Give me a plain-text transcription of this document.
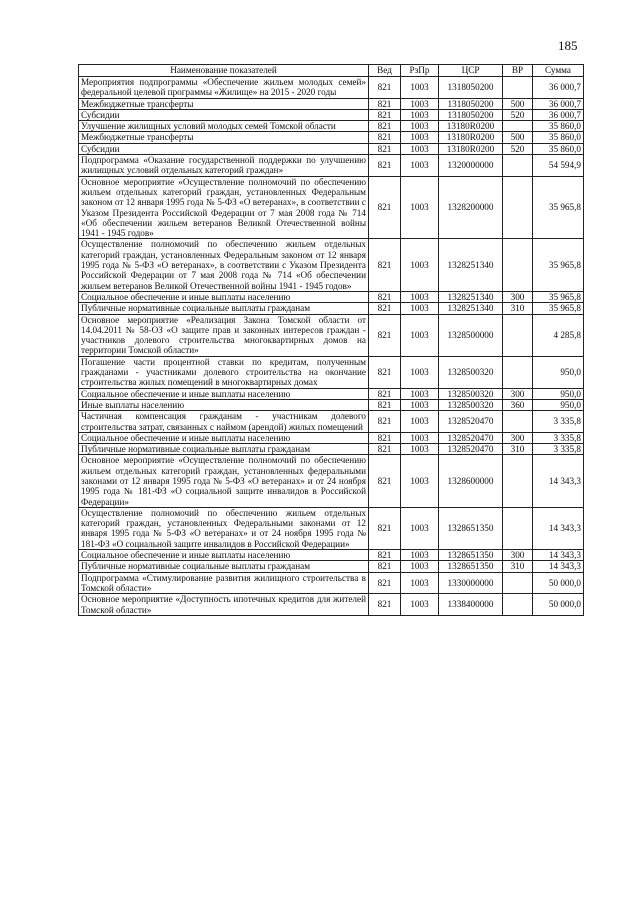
185
Наименование показателей	Вед	РзПр	ЦСР	ВР	Сумма
Мероприятия подпрограммы «Обеспечение жильем молодых семей» федеральной целевой программы «Жилище» на 2015 - 2020 годы	821	1003	1318050200		36 000,7
Межбюджетные трансферты	821	1003	1318050200	500	36 000,7
Субсидии	821	1003	1318050200	520	36 000,7
Улучшение жилищных условий молодых семей Томской области	821	1003	13180R0200		35 860,0
Межбюджетные трансферты	821	1003	13180R0200	500	35 860,0
Субсидии	821	1003	13180R0200	520	35 860,0
Подпрограмма «Оказание государственной поддержки по улучшению жилищных условий отдельных категорий граждан»	821	1003	1320000000		54 594,9
Основное мероприятие «Осуществление полномочий по обеспечению жильем отдельных категорий граждан, установленных Федеральным законом от 12 января 1995 года № 5-ФЗ «О ветеранах», в соответствии с Указом Президента Российской Федерации от 7 мая 2008 года № 714 «Об обеспечении жильем ветеранов Великой Отечественной войны 1941 - 1945 годов»	821	1003	1328200000		35 965,8
Осуществление полномочий по обеспечению жильем отдельных категорий граждан, установленных Федеральным законом от 12 января 1995 года № 5-ФЗ «О ветеранах», в соответствии с Указом Президента Российской Федерации от 7 мая 2008 года № 714 «Об обеспечении жильем ветеранов Великой Отечественной войны 1941 - 1945 годов»	821	1003	1328251340		35 965,8
Социальное обеспечение и иные выплаты населению	821	1003	1328251340	300	35 965,8
Публичные нормативные социальные выплаты гражданам	821	1003	1328251340	310	35 965,8
Основное мероприятие «Реализация Закона Томской области от 14.04.2011 № 58-ОЗ «О защите прав и законных интересов граждан - участников долевого строительства многоквартирных домов на территории Томской области»	821	1003	1328500000		4 285,8
Погашение части процентной ставки по кредитам, полученным гражданами - участниками долевого строительства на окончание строительства жилых помещений в многоквартирных домах	821	1003	1328500320		950,0
Социальное обеспечение и иные выплаты населению	821	1003	1328500320	300	950,0
Иные выплаты населению	821	1003	1328500320	360	950,0
Частичная компенсация гражданам - участникам долевого строительства затрат, связанных с наймом (арендой) жилых помещений	821	1003	1328520470		3 335,8
Социальное обеспечение и иные выплаты населению	821	1003	1328520470	300	3 335,8
Публичные нормативные социальные выплаты гражданам	821	1003	1328520470	310	3 335,8
Основное мероприятие «Осуществление полномочий по обеспечению жильем отдельных категорий граждан, установленных федеральными законами от 12 января 1995 года № 5-ФЗ «О ветеранах» и от 24 ноября 1995 года № 181-ФЗ «О социальной защите инвалидов в Российской Федерации»	821	1003	1328600000		14 343,3
Осуществление полномочий по обеспечению жильем отдельных категорий граждан, установленных Федеральными законами от 12 января 1995 года № 5-ФЗ «О ветеранах» и от 24 ноября 1995 года № 181-ФЗ «О социальной защите инвалидов в Российской Федерации»	821	1003	1328651350		14 343,3
Социальное обеспечение и иные выплаты населению	821	1003	1328651350	300	14 343,3
Публичные нормативные социальные выплаты гражданам	821	1003	1328651350	310	14 343,3
Подпрограмма «Стимулирование развития жилищного строительства в Томской области»	821	1003	1330000000		50 000,0
Основное мероприятие «Доступность ипотечных кредитов для жителей Томской области»	821	1003	1338400000		50 000,0
